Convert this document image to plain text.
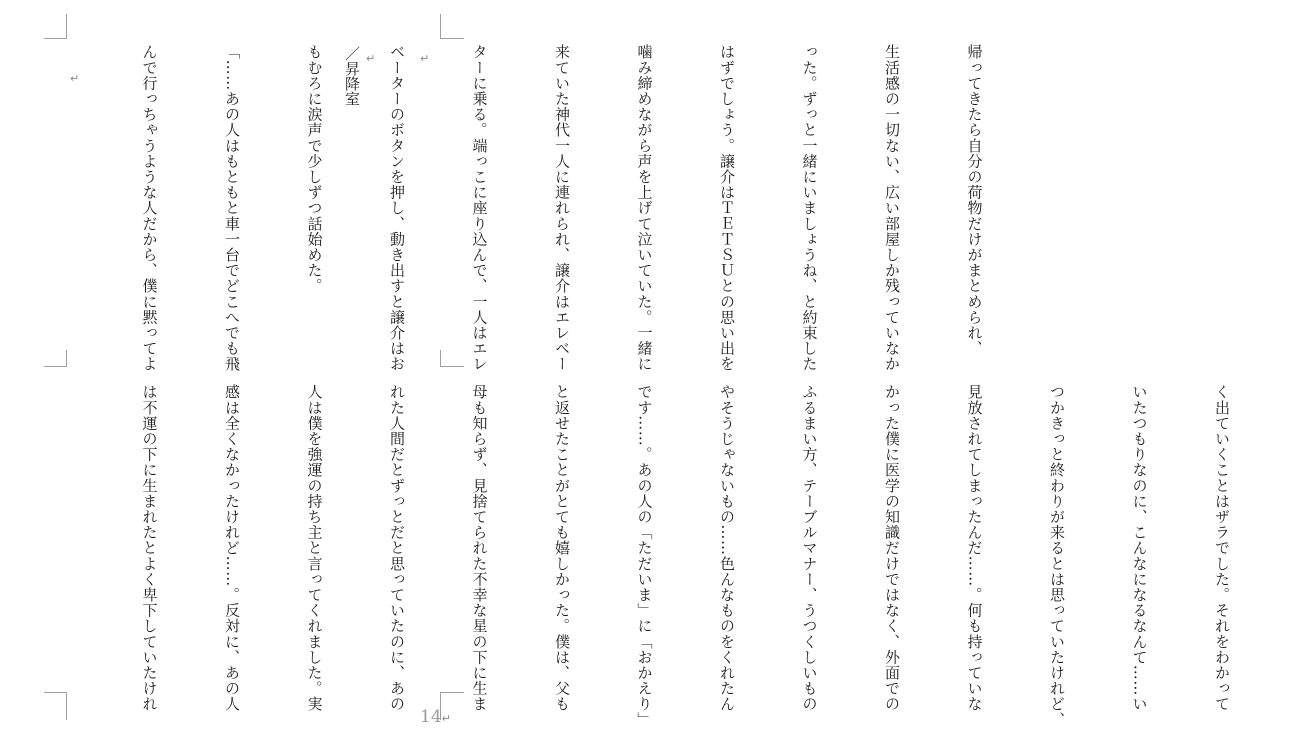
↵
↵
↵	／昇降室

	帰ってきたら自分の荷物だけがまとめられ、

生活感の一切ない、広い部屋しか残っていなか

った。ずっと一緒にいましょうね、と約束した

はずでしょう。譲介はＴＥＴＳＵとの思い出を

噛み締めながら声を上げて泣いていた。一緒に

来ていた神代一人に連れられ、譲介はエレベー

ターに乗る。端っこに座り込んで、一人はエレ

ベーターのボタンを押し、動き出すと譲介はお

もむろに涙声で少しずつ話始めた。

「……あの人はもともと車一台でどこへでも飛

んで行っちゃうような人だから、僕に黙ってよ

く出ていくことはザラでした。それをわかって

いたつもりなのに、こんなになるなんて……い

つかきっと終わりが来るとは思っていたけれど、

見放されてしまったんだ……。何も持っていな

かった僕に医学の知識だけではなく、外面での

ふるまい方、テーブルマナー、うつくしいもの

やそうじゃないもの……色んなものをくれたん

です……。あの人の「ただいま」に「おかえり」

と返せたことがとても嬉しかった。僕は、父も

母も知らず、見捨てられた不幸な星の下に生ま

れた人間だとずっとだと思っていたのに、あの

人は僕を強運の持ち主と言ってくれました。実

感は全くなかったけれど……。反対に、あの人

は不運の下に生まれたとよく卑下していたけれ

14↵
